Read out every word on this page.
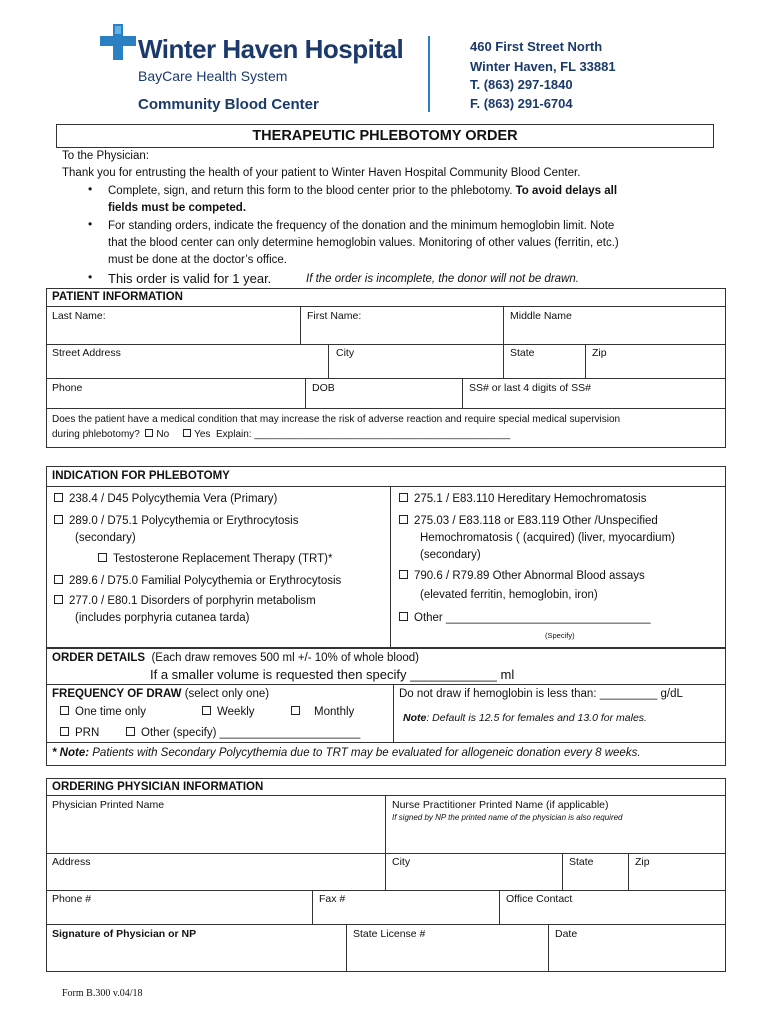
Winter Haven Hospital
BayCare Health System
Community Blood Center
460 First Street North
Winter Haven, FL 33881
T. (863) 297-1840
F. (863) 291-6704
THERAPEUTIC PHLEBOTOMY ORDER
To the Physician:
Thank you for entrusting the health of your patient to Winter Haven Hospital Community Blood Center.
• Complete, sign, and return this form to the blood center prior to the phlebotomy. To avoid delays all
fields must be competed.
• For standing orders, indicate the frequency of the donation and the minimum hemoglobin limit. Note
that the blood center can only determine hemoglobin values. Monitoring of other values (ferritin, etc.)
must be done at the doctor’s office.
• This order is valid for 1 year.	If the order is incomplete, the donor will not be drawn.
PATIENT INFORMATION
Last Name:	First Name:	Middle Name
Street Address	City	State	Zip
Phone	DOB	SS# or last 4 digits of SS#
Does the patient have a medical condition that may increase the risk of adverse reaction and require special medical supervision
during phlebotomy? No Yes Explain: ______________________________________________
INDICATION FOR PHLEBOTOMY
238.4 / D45 Polycythemia Vera (Primary)
289.0 / D75.1 Polycythemia or Erythrocytosis
(secondary)
Testosterone Replacement Therapy (TRT)*
289.6 / D75.0 Familial Polycythemia or Erythrocytosis
277.0 / E80.1 Disorders of porphyrin metabolism
(includes porphyria cutanea tarda)
275.1 / E83.110 Hereditary Hemochromatosis
275.03 / E83.118 or E83.119 Other /Unspecified
Hemochromatosis ( (acquired) (liver, myocardium)
(secondary)
790.6 / R79.89 Other Abnormal Blood assays
(elevated ferritin, hemoglobin, iron)
Other ________________________________
(Specify)
ORDER DETAILS (Each draw removes 500 ml +/- 10% of whole blood)
If a smaller volume is requested then specify ____________ ml
FREQUENCY OF DRAW (select only one)
One time only	Weekly	Monthly
PRN	Other (specify) ______________________
Do not draw if hemoglobin is less than: _________ g/dL
Note: Default is 12.5 for females and 13.0 for males.
* Note: Patients with Secondary Polycythemia due to TRT may be evaluated for allogeneic donation every 8 weeks.
ORDERING PHYSICIAN INFORMATION
Physician Printed Name	Nurse Practitioner Printed Name (if applicable)
If signed by NP the printed name of the physician is also required
Address	City	State	Zip
Phone #	Fax #	Office Contact
Signature of Physician or NP	State License #	Date
Form B.300 v.04/18
